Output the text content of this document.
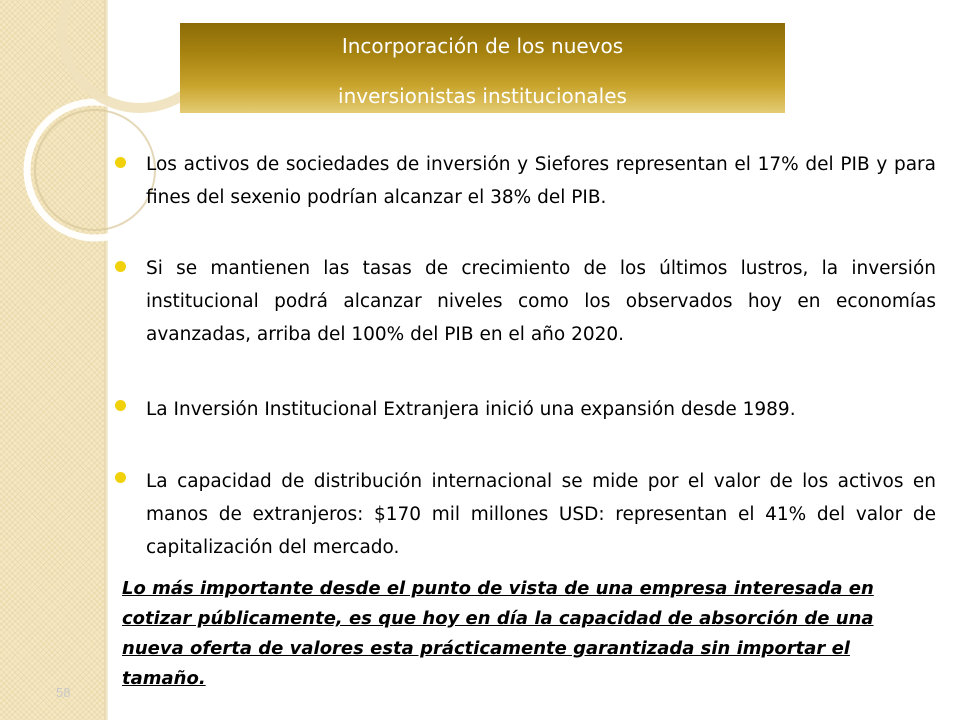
Incorporación de los nuevos
inversionistas institucionales
Los activos de sociedades de inversión y Siefores representan el 17% del PIB y para fines del sexenio podrían alcanzar el 38% del PIB.
Si se mantienen las tasas de crecimiento de los últimos lustros, la inversión institucional podrá alcanzar niveles como los observados hoy en economías avanzadas, arriba del 100% del PIB en el año 2020.
La Inversión Institucional Extranjera inició una expansión desde 1989.
La capacidad de distribución internacional se mide por el valor de los activos en manos de extranjeros: $170 mil millones USD: representan el 41% del valor de capitalización del mercado.
Lo más importante desde el punto de vista de una empresa interesada en cotizar públicamente, es que hoy en día la capacidad de absorción de una nueva oferta de valores esta prácticamente garantizada sin importar el tamaño.
58
